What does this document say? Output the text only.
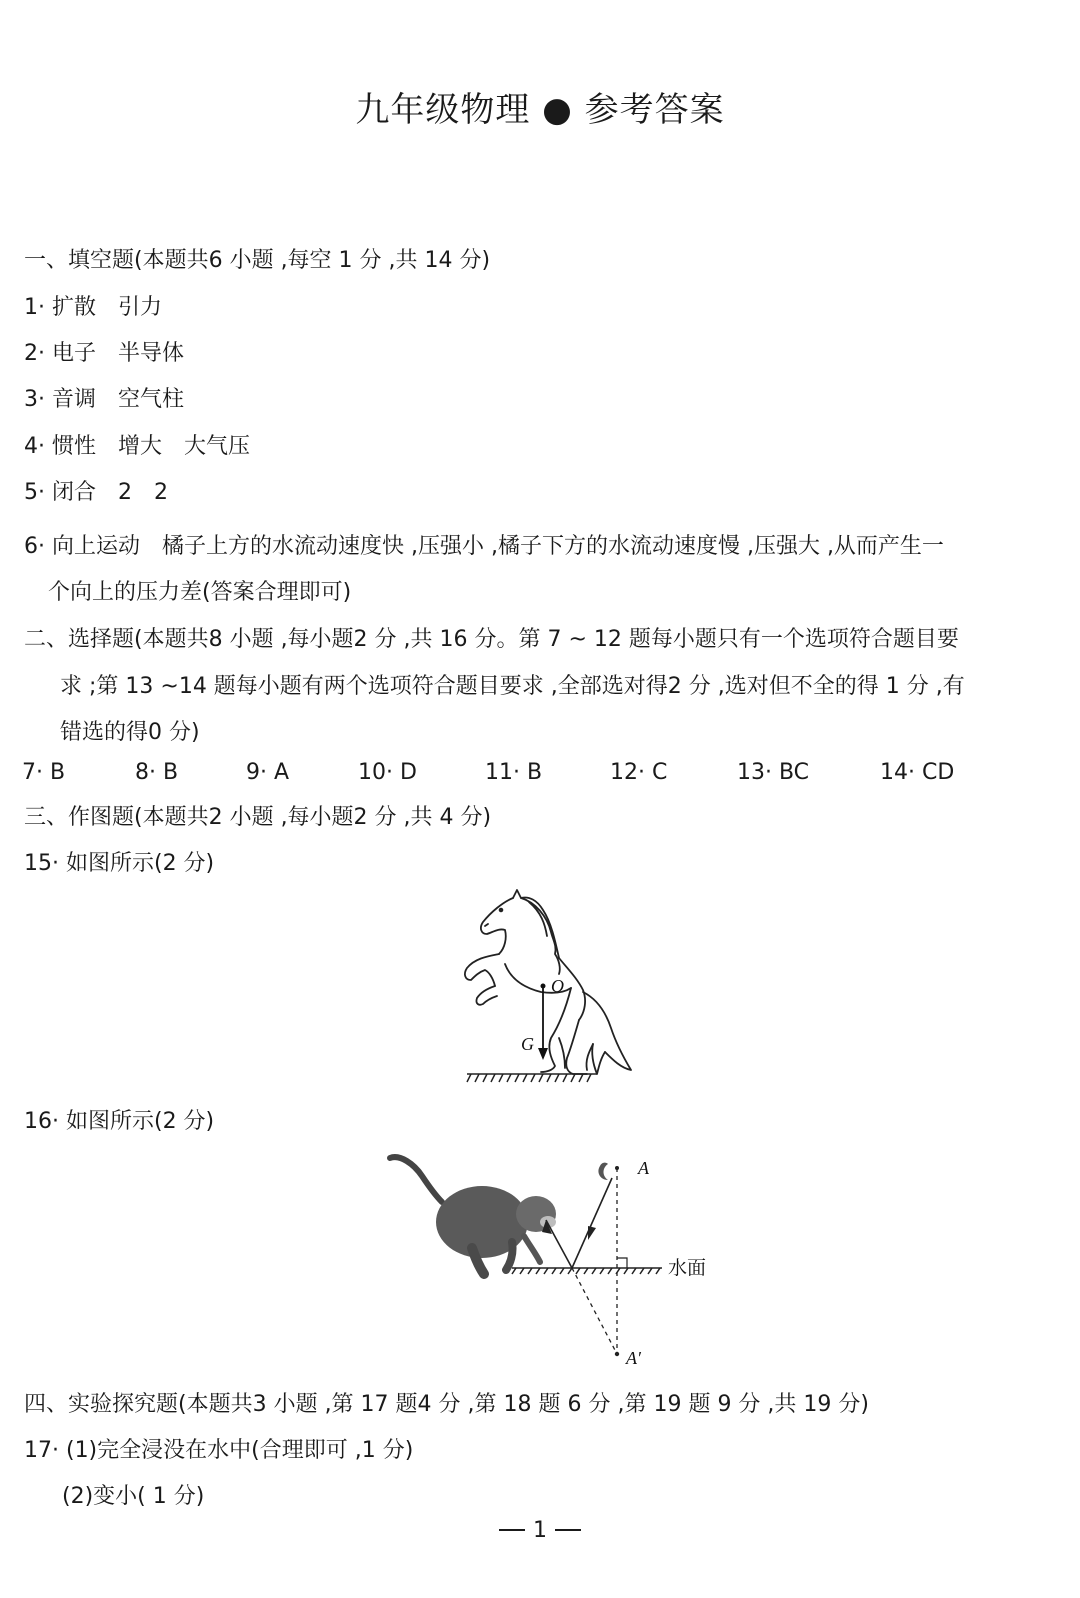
九年级物理 ● 参考答案
一、填空题(本题共6 小题 ,每空 1 分 ,共 14 分)
1· 扩散　引力
2· 电子　半导体
3· 音调　空气柱
4· 惯性　增大　大气压
5· 闭合　2　2
6· 向上运动　橘子上方的水流动速度快 ,压强小 ,橘子下方的水流动速度慢 ,压强大 ,从而产生一
个向上的压力差(答案合理即可)
二、选择题(本题共8 小题 ,每小题2 分 ,共 16 分。第 7 ~ 12 题每小题只有一个选项符合题目要
求 ;第 13 ~14 题每小题有两个选项符合题目要求 ,全部选对得2 分 ,选对但不全的得 1 分 ,有
错选的得0 分)
7· B	8· B	9· A	10· D	11· B	12· C	13· BC	14· CD
三、作图题(本题共2 小题 ,每小题2 分 ,共 4 分)
15· 如图所示(2 分)
O
G
16· 如图所示(2 分)
A
A′
水面
四、实验探究题(本题共3 小题 ,第 17 题4 分 ,第 18 题 6 分 ,第 19 题 9 分 ,共 19 分)
17· (1)完全浸没在水中(合理即可 ,1 分)
(2)变小( 1 分)
1
